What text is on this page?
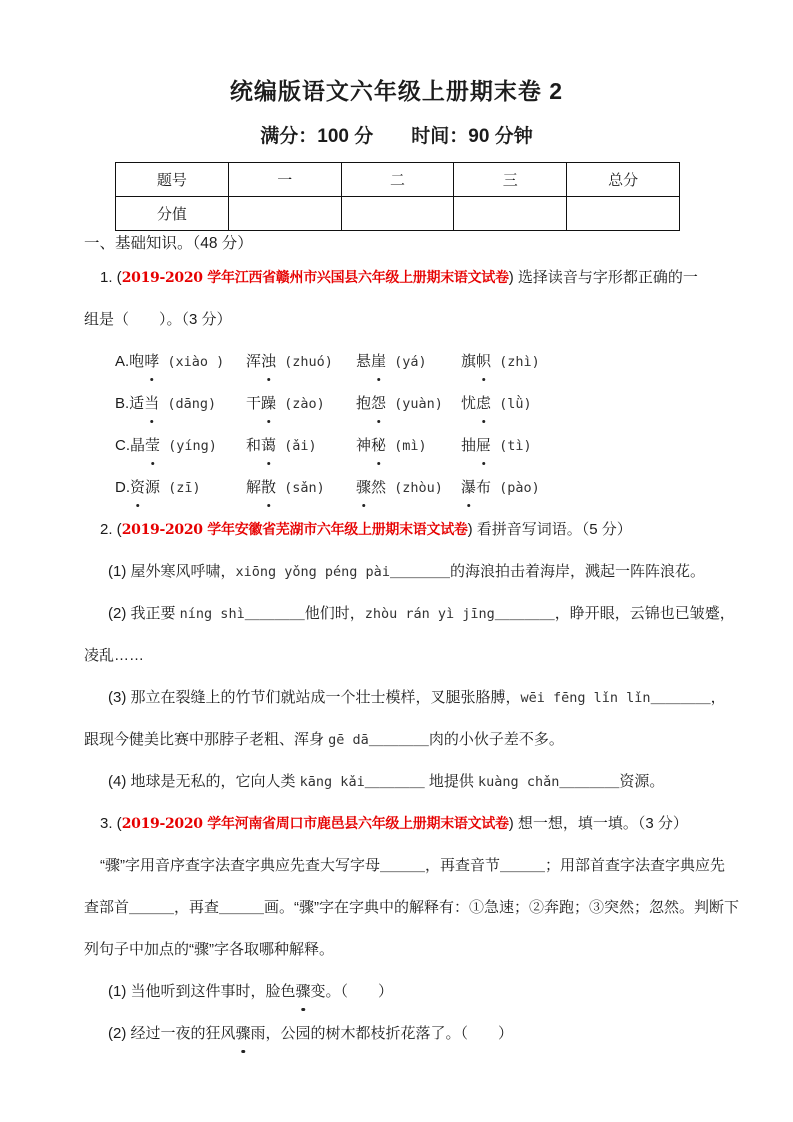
统编版语文六年级上册期末卷 2
满分：100 分　　时间：90 分钟
题号	一	二	三	总分
分值				
一、基础知识。（48 分）
1. (2019-2020 学年江西省赣州市兴国县六年级上册期末语文试卷) 选择读音与字形都正确的一
组是（　　）。（3 分）
A.咆哮 (xiào )	浑浊 (zhuó)	悬崖 (yá)	旗帜 (zhì)
B.适当 (dāng)	干躁 (zào)	抱怨 (yuàn)	忧虑 (lǜ)
C.晶莹 (yíng)	和蔼 (ǎi)	神秘 (mì)	抽屉 (tì)
D.资源 (zī)	解散 (sǎn)	骤然 (zhòu)	瀑布 (pào)
2. (2019-2020 学年安徽省芜湖市六年级上册期末语文试卷) 看拼音写词语。（5 分）
(1) 屋外寒风呼啸，xiōng yǒng péng pài＿＿＿＿的海浪拍击着海岸，溅起一阵阵浪花。
(2) 我正要 níng shì＿＿＿＿他们时，zhòu rán yì jīng＿＿＿＿，睁开眼，云锦也已皱蹙，
凌乱……
(3) 那立在裂缝上的竹节们就站成一个壮士模样，叉腿张胳膊，wēi fēng lǐn lǐn＿＿＿＿，
跟现今健美比赛中那脖子老粗、浑身 gē dā＿＿＿＿肉的小伙子差不多。
(4) 地球是无私的，它向人类 kāng kǎi＿＿＿＿ 地提供 kuàng chǎn＿＿＿＿资源。
3. (2019-2020 学年河南省周口市鹿邑县六年级上册期末语文试卷) 想一想，填一填。（3 分）
“骤”字用音序查字法查字典应先查大写字母＿＿＿，再查音节＿＿＿；用部首查字法查字典应先
查部首＿＿＿，再查＿＿＿画。“骤”字在字典中的解释有：①急速；②奔跑；③突然；忽然。判断下
列句子中加点的“骤”字各取哪种解释。
(1) 当他听到这件事时，脸色骤变。（　　）
(2) 经过一夜的狂风骤雨，公园的树木都枝折花落了。（　　）
